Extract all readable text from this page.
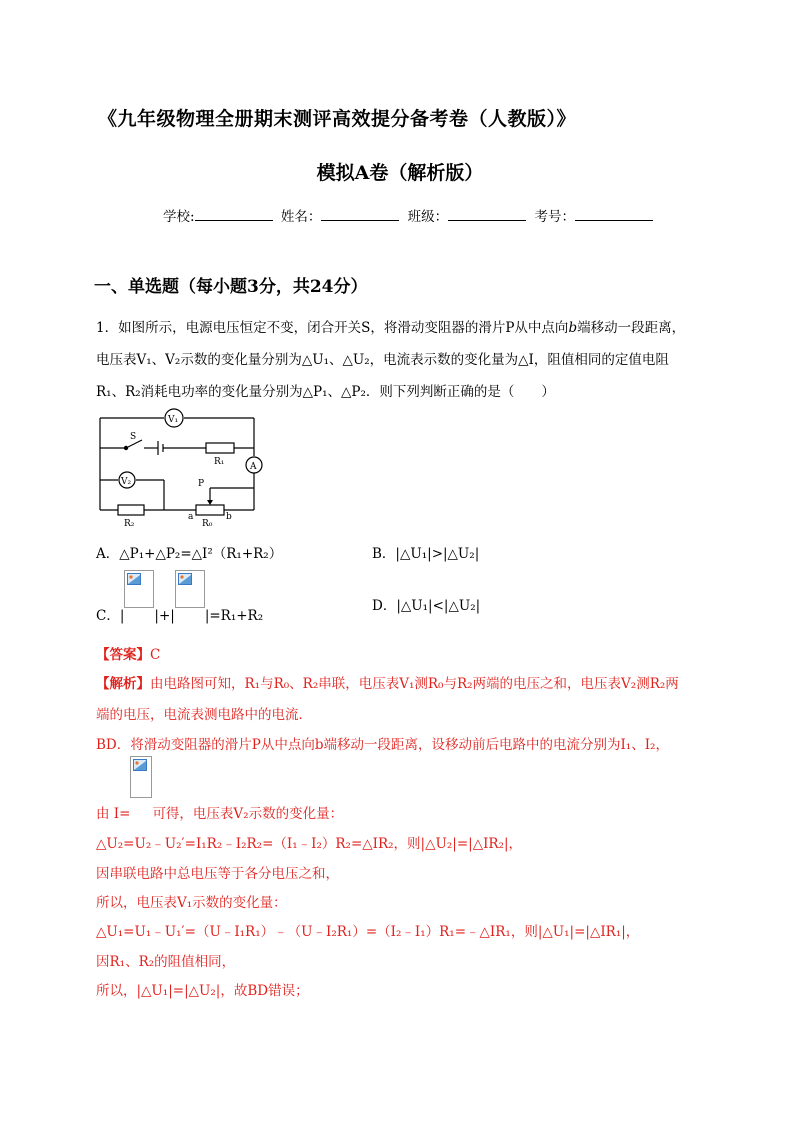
《九年级物理全册期末测评高效提分备考卷（人教版）》
模拟A卷（解析版）
学校:	姓名：	班级：	考号：
一、单选题（每小题3分，共24分）
1．如图所示，电源电压恒定不变，闭合开关S，将滑动变阻器的滑片P从中点向b端移动一段距离，
电压表V₁、V₂示数的变化量分别为△U₁、△U₂，电流表示数的变化量为△I，阻值相同的定值电阻
R₁、R₂消耗电功率的变化量分别为△P₁、△P₂．则下列判断正确的是（　　）
V₁
S
R₁	A
V₂	P
R₂
a
R₀
b
A．△P₁+△P₂=△I²（R₁+R₂）	B．|△U₁|>|△U₂|
C．| |+| |=R₁+R₂
D．|△U₁|<|△U₂|
【答案】C
【解析】由电路图可知，R₁与R₀、R₂串联，电压表V₁测R₀与R₂两端的电压之和，电压表V₂测R₂两
端的电压，电流表测电路中的电流．
BD．将滑动变阻器的滑片P从中点向b端移动一段距离，设移动前后电路中的电流分别为I₁、I₂，
由 I= 可得，电压表V₂示数的变化量：
△U₂=U₂﹣U₂′=I₁R₂﹣I₂R₂=（I₁﹣I₂）R₂=△IR₂，则|△U₂|=|△IR₂|，
因串联电路中总电压等于各分电压之和，
所以，电压表V₁示数的变化量：
△U₁=U₁﹣U₁′=（U﹣I₁R₁）﹣（U﹣I₂R₁）=（I₂﹣I₁）R₁=﹣△IR₁，则|△U₁|=|△IR₁|，
因R₁、R₂的阻值相同，
所以，|△U₁|=|△U₂|，故BD错误；
